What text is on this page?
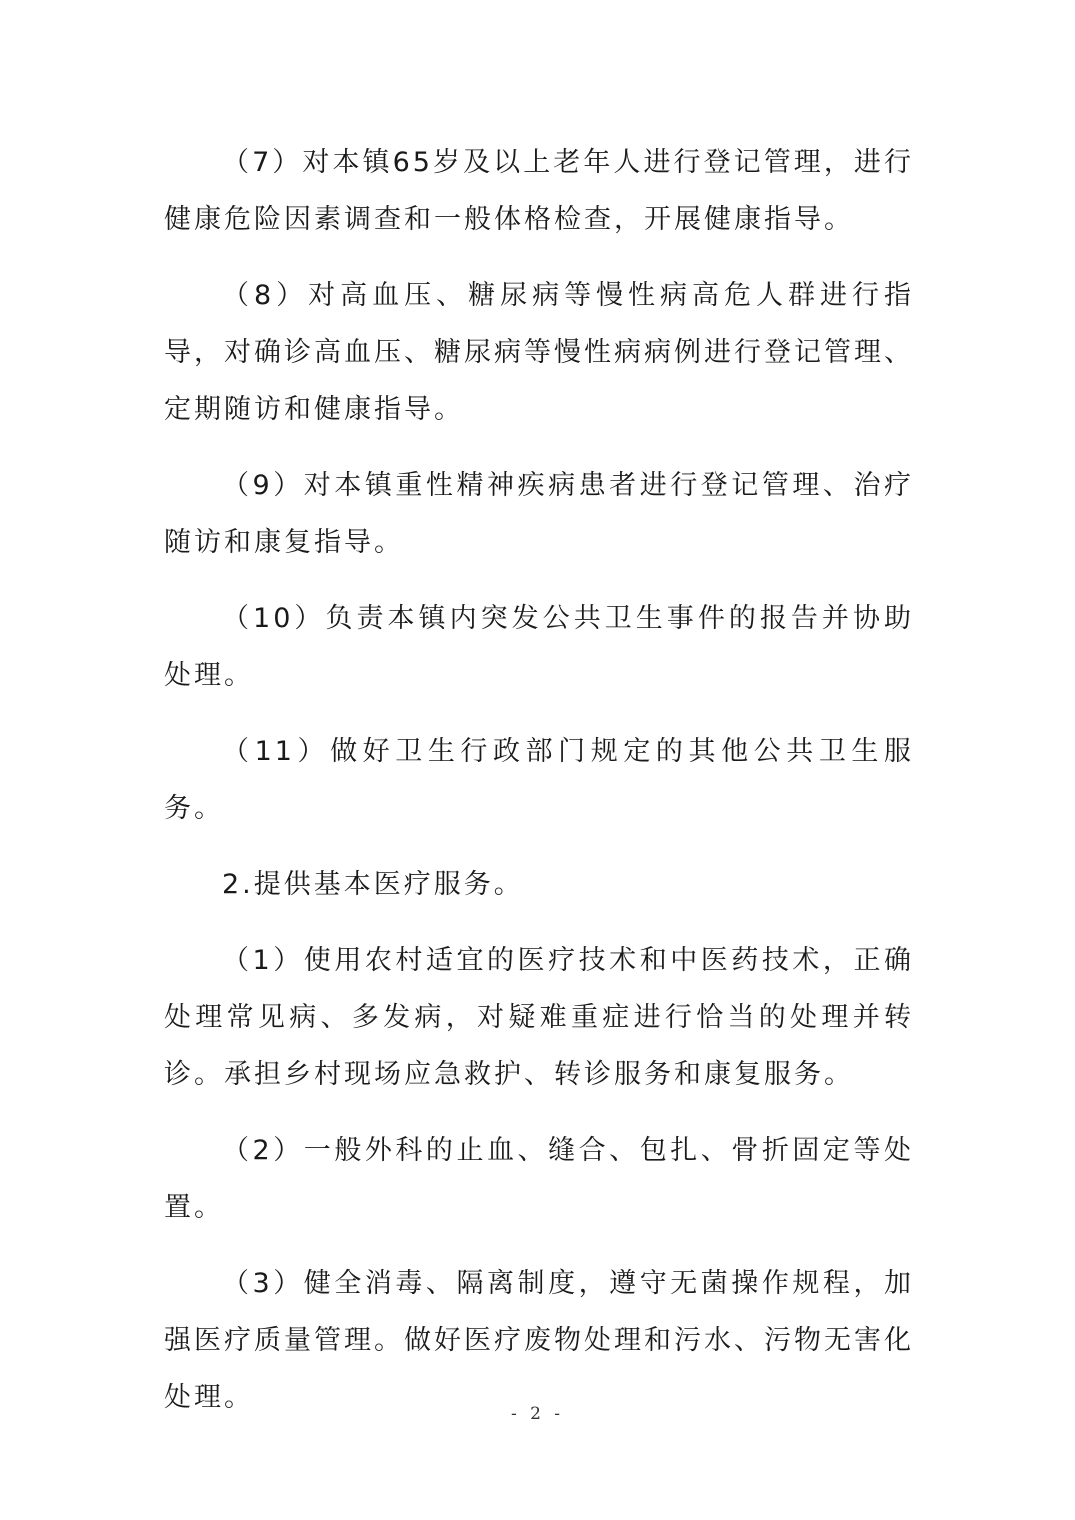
（7）对本镇65岁及以上老年人进行登记管理，进行健康危险因素调查和一般体格检查，开展健康指导。

（8）对高血压、糖尿病等慢性病高危人群进行指导，对确诊高血压、糖尿病等慢性病病例进行登记管理、定期随访和健康指导。

（9）对本镇重性精神疾病患者进行登记管理、治疗随访和康复指导。

（10）负责本镇内突发公共卫生事件的报告并协助处理。

（11）做好卫生行政部门规定的其他公共卫生服务。

2.提供基本医疗服务。

（1）使用农村适宜的医疗技术和中医药技术，正确处理常见病、多发病，对疑难重症进行恰当的处理并转诊。承担乡村现场应急救护、转诊服务和康复服务。

（2）一般外科的止血、缝合、包扎、骨折固定等处置。

（3）健全消毒、隔离制度，遵守无菌操作规程，加强医疗质量管理。做好医疗废物处理和污水、污物无害化处理。

- 2 -
